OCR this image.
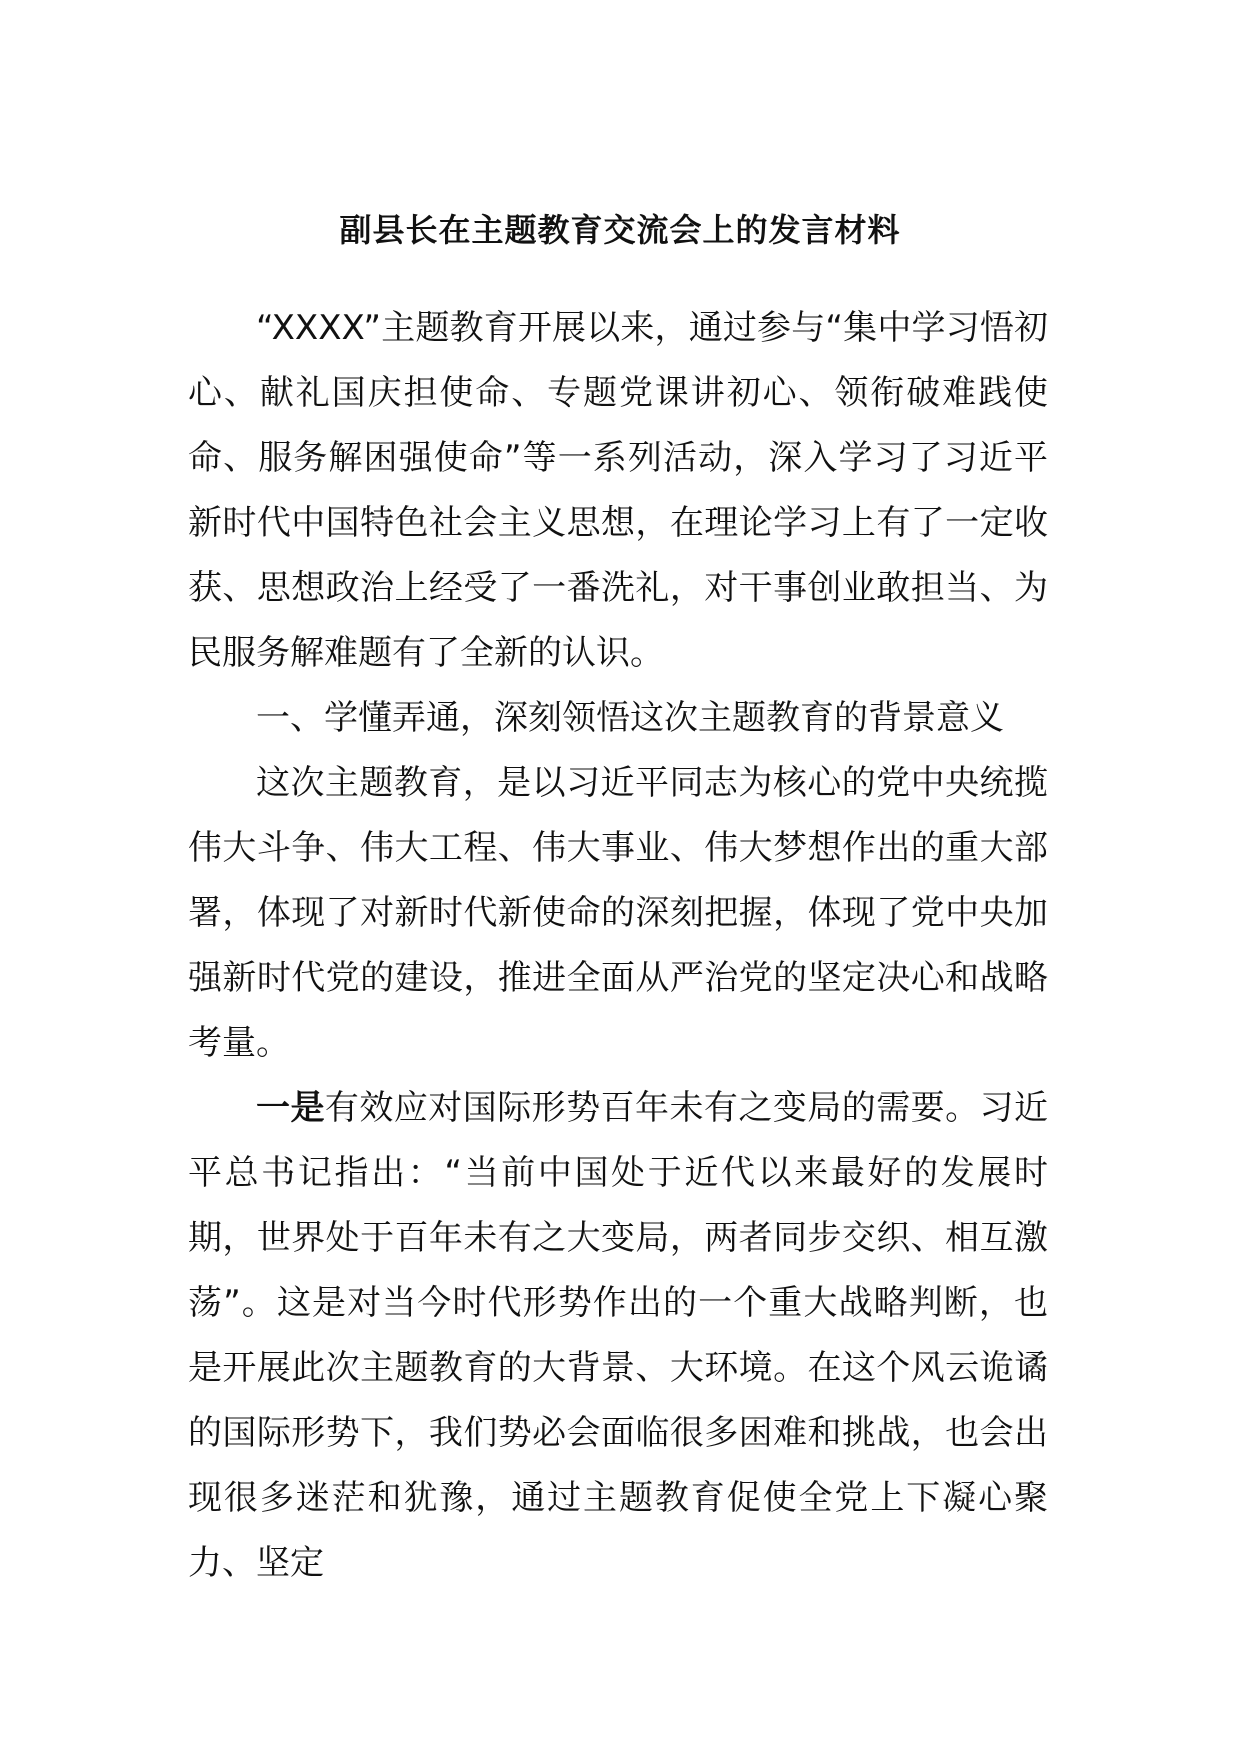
副县长在主题教育交流会上的发言材料

“XXXX”主题教育开展以来，通过参与“集中学习悟初心、献礼国庆担使命、专题党课讲初心、领衔破难践使命、服务解困强使命”等一系列活动，深入学习了习近平新时代中国特色社会主义思想，在理论学习上有了一定收获、思想政治上经受了一番洗礼，对干事创业敢担当、为民服务解难题有了全新的认识。

一、学懂弄通，深刻领悟这次主题教育的背景意义

这次主题教育，是以习近平同志为核心的党中央统揽伟大斗争、伟大工程、伟大事业、伟大梦想作出的重大部署，体现了对新时代新使命的深刻把握，体现了党中央加强新时代党的建设，推进全面从严治党的坚定决心和战略考量。

一是有效应对国际形势百年未有之变局的需要。习近平总书记指出：“当前中国处于近代以来最好的发展时期，世界处于百年未有之大变局，两者同步交织、相互激荡”。这是对当今时代形势作出的一个重大战略判断，也是开展此次主题教育的大背景、大环境。在这个风云诡谲的国际形势下，我们势必会面临很多困难和挑战，也会出现很多迷茫和犹豫，通过主题教育促使全党上下凝心聚力、坚定
